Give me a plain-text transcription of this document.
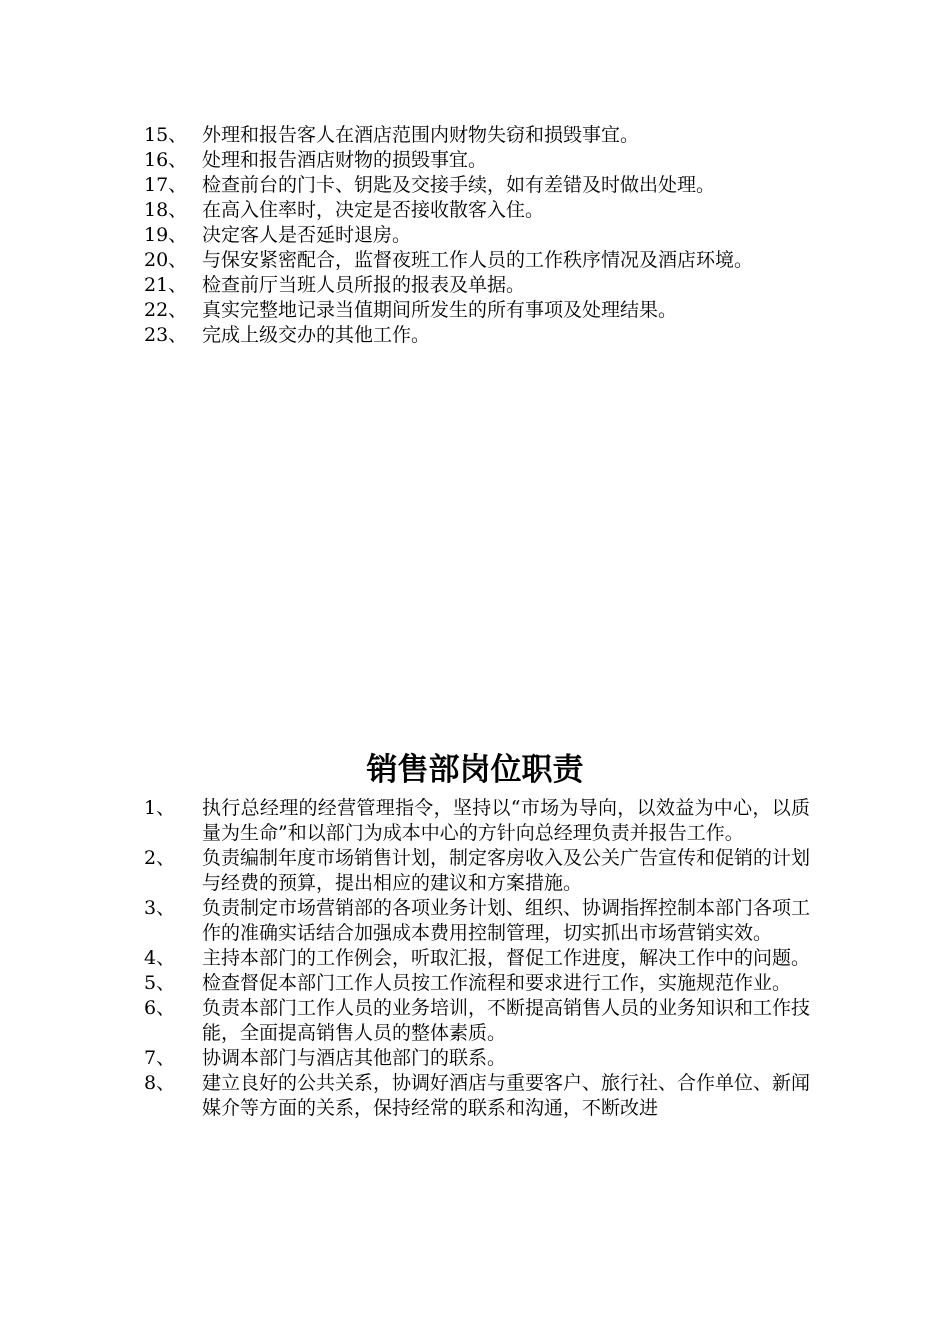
15、 外理和报告客人在酒店范围内财物失窃和损毁事宜。
16、 处理和报告酒店财物的损毁事宜。
17、 检查前台的门卡、钥匙及交接手续，如有差错及时做出处理。
18、 在高入住率时，决定是否接收散客入住。
19、 决定客人是否延时退房。
20、 与保安紧密配合，监督夜班工作人员的工作秩序情况及酒店环境。
21、 检查前厅当班人员所报的报表及单据。
22、 真实完整地记录当值期间所发生的所有事项及处理结果。
23、 完成上级交办的其他工作。
销售部岗位职责
1、	执行总经理的经营管理指令，坚持以“市场为导向，以效益为中心，以质量为生命”和以部门为成本中心的方针向总经理负责并报告工作。
2、	负责编制年度市场销售计划，制定客房收入及公关广告宣传和促销的计划与经费的预算，提出相应的建议和方案措施。
3、	负责制定市场营销部的各项业务计划、组织、协调指挥控制本部门各项工作的准确实话结合加强成本费用控制管理，切实抓出市场营销实效。
4、	主持本部门的工作例会，听取汇报，督促工作进度，解决工作中的问题。
5、	检查督促本部门工作人员按工作流程和要求进行工作，实施规范作业。
6、	负责本部门工作人员的业务培训，不断提高销售人员的业务知识和工作技能，全面提高销售人员的整体素质。
7、	协调本部门与酒店其他部门的联系。
8、	建立良好的公共关系，协调好酒店与重要客户、旅行社、合作单位、新闻媒介等方面的关系，保持经常的联系和沟通，不断改进
